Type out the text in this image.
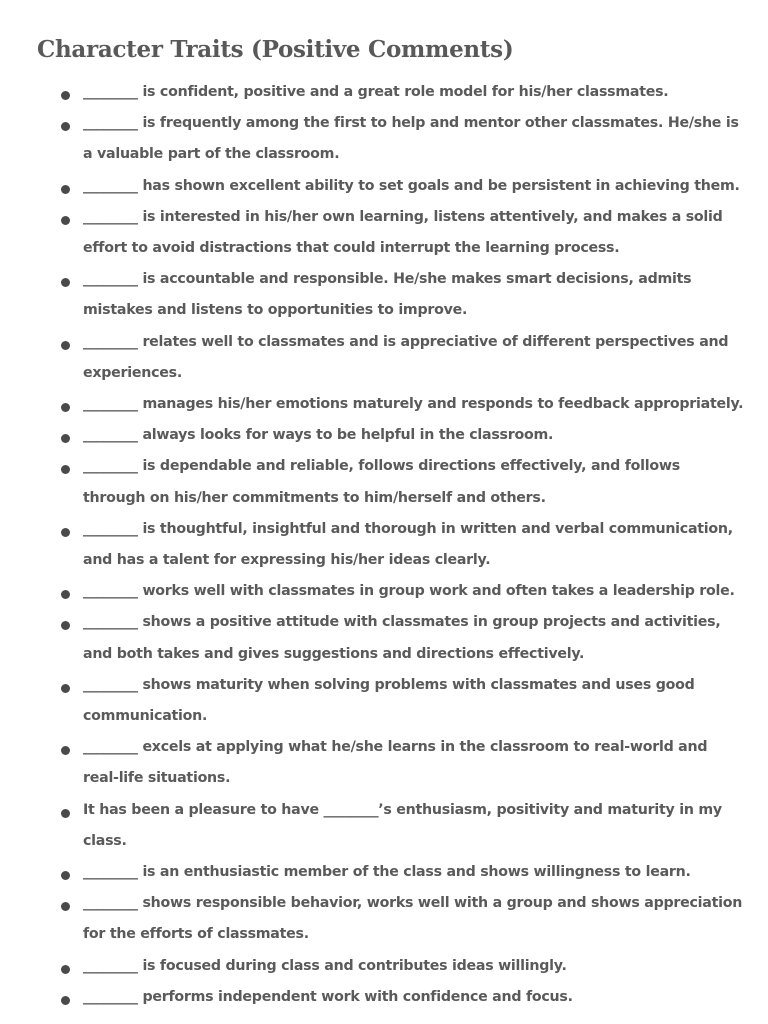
Character Traits (Positive Comments)
________ is confident, positive and a great role model for his/her classmates.
________ is frequently among the first to help and mentor other classmates. He/she is a valuable part of the classroom.
________ has shown excellent ability to set goals and be persistent in achieving them.
________ is interested in his/her own learning, listens attentively, and makes a solid effort to avoid distractions that could interrupt the learning process.
________ is accountable and responsible. He/she makes smart decisions, admits mistakes and listens to opportunities to improve.
________ relates well to classmates and is appreciative of different perspectives and experiences.
________ manages his/her emotions maturely and responds to feedback appropriately.
________ always looks for ways to be helpful in the classroom.
________ is dependable and reliable, follows directions effectively, and follows through on his/her commitments to him/herself and others.
________ is thoughtful, insightful and thorough in written and verbal communication, and has a talent for expressing his/her ideas clearly.
________ works well with classmates in group work and often takes a leadership role.
________ shows a positive attitude with classmates in group projects and activities, and both takes and gives suggestions and directions effectively.
________ shows maturity when solving problems with classmates and uses good communication.
________ excels at applying what he/she learns in the classroom to real-world and real-life situations.
It has been a pleasure to have ________’s enthusiasm, positivity and maturity in my class.
________ is an enthusiastic member of the class and shows willingness to learn.
________ shows responsible behavior, works well with a group and shows appreciation for the efforts of classmates.
________ is focused during class and contributes ideas willingly.
________ performs independent work with confidence and focus.
